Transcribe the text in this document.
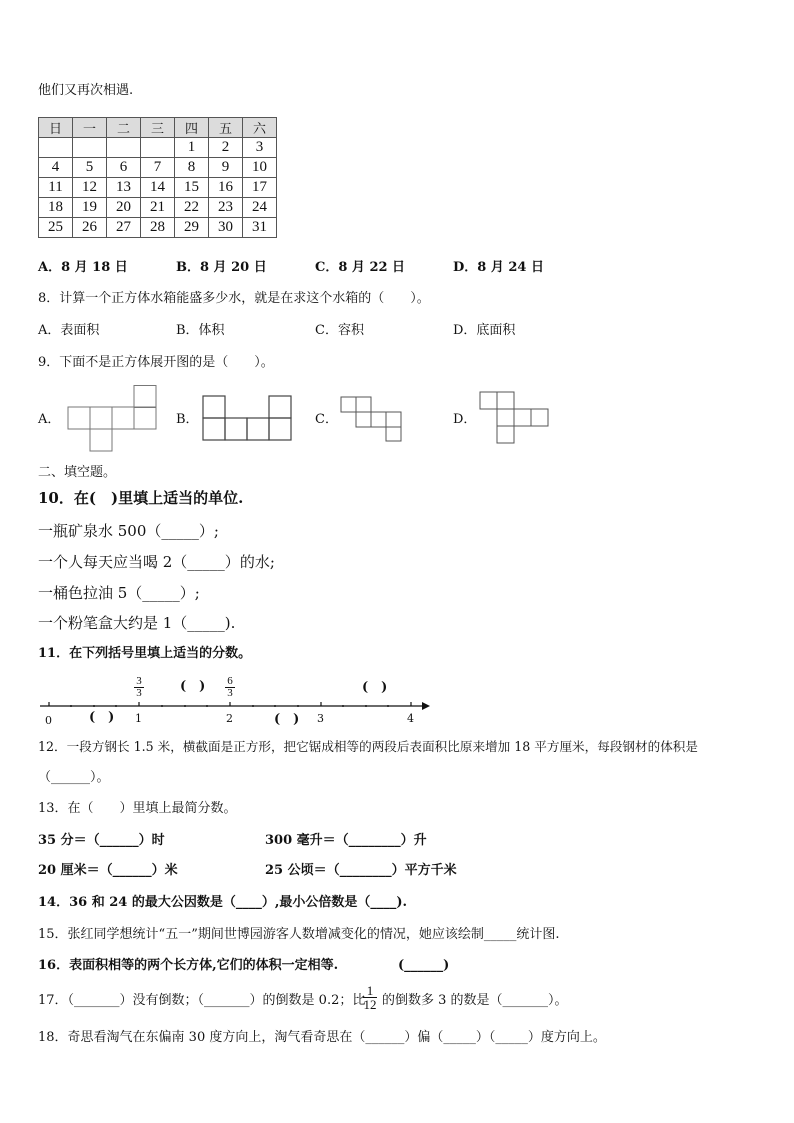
他们又再次相遇.
日	一	二	三	四	五	六
				1	2	3
4	5	6	7	8	9	10
11	12	13	14	15	16	17
18	19	20	21	22	23	24
25	26	27	28	29	30	31
A．8 月 18 日	B．8 月 20 日	C．8 月 22 日	D．8 月 24 日
8．计算一个正方体水箱能盛多少水，就是在求这个水箱的（　　）。
A．表面积	B．体积	C．容积	D．底面积
9．下面不是正方体展开图的是（　　）。
A．	B．	C．	D．
二、填空题。
10．在(　)里填上适当的单位.
一瓶矿泉水 500（_____）;
一个人每天应当喝 2（_____）的水;
一桶色拉油 5（_____）;
一个粉笔盒大约是 1（_____).
11．在下列括号里填上适当的分数。
0	1	2	3	4
3
3
6
3
(　)	(　)
(　)	(　)
12．一段方钢长 1.5 米，横截面是正方形，把它锯成相等的两段后表面积比原来增加 18 平方厘米，每段钢材的体积是
（______）。
13．在（　　）里填上最简分数。
35 分＝（______）时	300 毫升＝（________）升
20 厘米＝（______）米	25 公顷＝（________）平方千米
14．36 和 24 的最大公因数是（____）,最小公倍数是（____).
15．张红同学想统计“五一”期间世博园游客人数增减变化的情况，她应该绘制_____统计图.
16．表面积相等的两个长方体,它们的体积一定相等.	(______)
17．（_______）没有倒数；（_______）的倒数是 0.2；比
1
12 的倒数多 3 的数是（_______）。
18．奇思看淘气在东偏南 30 度方向上，淘气看奇思在（______）偏（_____）（_____）度方向上。
